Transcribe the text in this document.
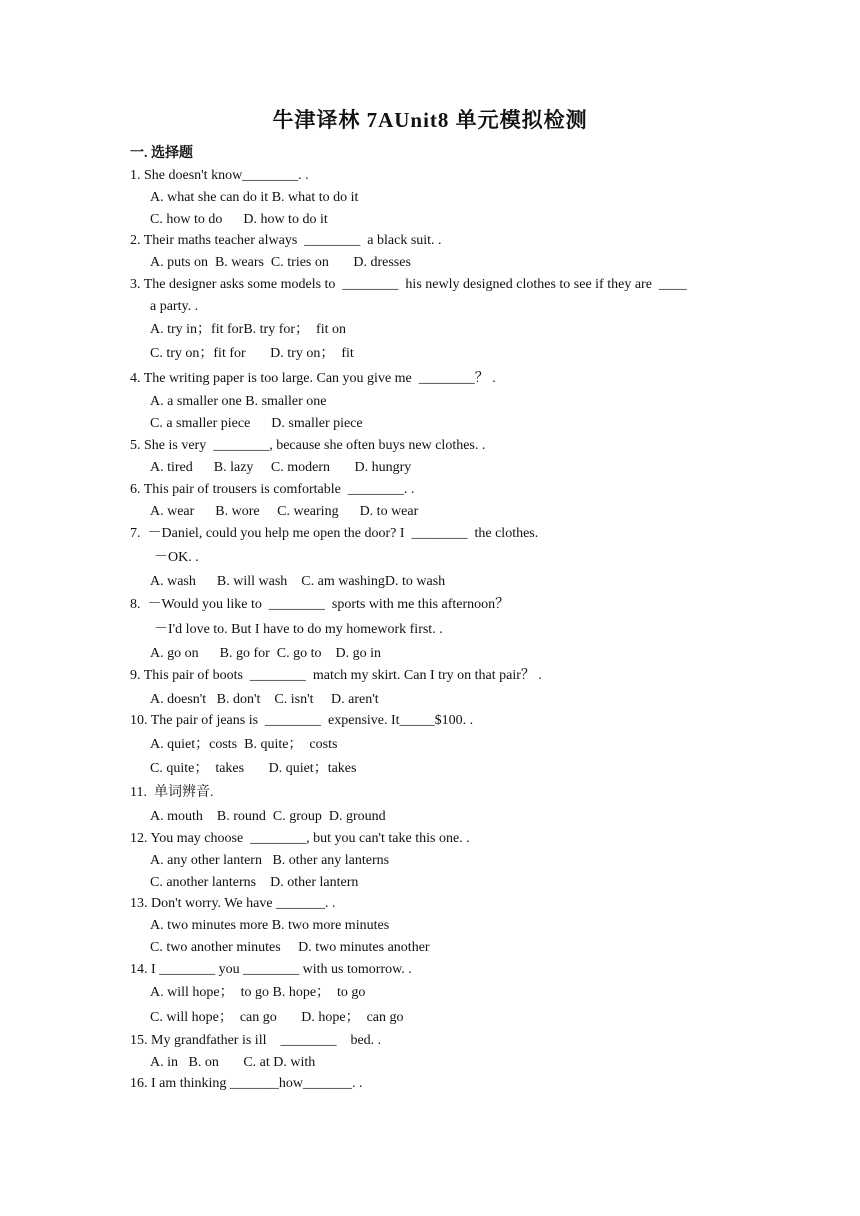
牛津译林 7AUnit8 单元模拟检测
一. 选择题
1. She doesn't know________. .
A. what she can do it B. what to do it
C. how to do      D. how to do it
2. Their maths teacher always  ________  a black suit. .
A. puts on  B. wears  C. tries on       D. dresses
3. The designer asks some models to  ________  his newly designed clothes to see if they are  ____
a party. .
A. try in；fit forB. try for；  fit on
C. try on；fit for       D. try on；  fit
4. The writing paper is too large. Can you give me  ________？ .
A. a smaller one B. smaller one
C. a smaller piece      D. smaller piece
5. She is very  ________, because she often buys new clothes. .
A. tired      B. lazy     C. modern       D. hungry
6. This pair of trousers is comfortable  ________. .
A. wear      B. wore     C. wearing      D. to wear
7.  －Daniel, could you help me open the door? I  ________  the clothes.
－OK. .
A. wash      B. will wash    C. am washingD. to wash
8.  －Would you like to  ________  sports with me this afternoon？
－I'd love to. But I have to do my homework first. .
A. go on      B. go for  C. go to    D. go in
9. This pair of boots  ________  match my skirt. Can I try on that pair？ .
A. doesn't   B. don't    C. isn't     D. aren't
10. The pair of jeans is  ________  expensive. It_____$100. .
A. quiet；costs  B. quite；  costs
C. quite；  takes       D. quiet；takes
11.  单词辨音.
A. mouth    B. round  C. group  D. ground
12. You may choose  ________, but you can't take this one. .
A. any other lantern   B. other any lanterns
C. another lanterns    D. other lantern
13. Don't worry. We have _______. .
A. two minutes more B. two more minutes
C. two another minutes     D. two minutes another
14. I ________ you ________ with us tomorrow. .
A. will hope；  to go B. hope；  to go
C. will hope；  can go       D. hope；  can go
15. My grandfather is ill    ________    bed. .
A. in   B. on       C. at D. with
16. I am thinking _______how_______. .
